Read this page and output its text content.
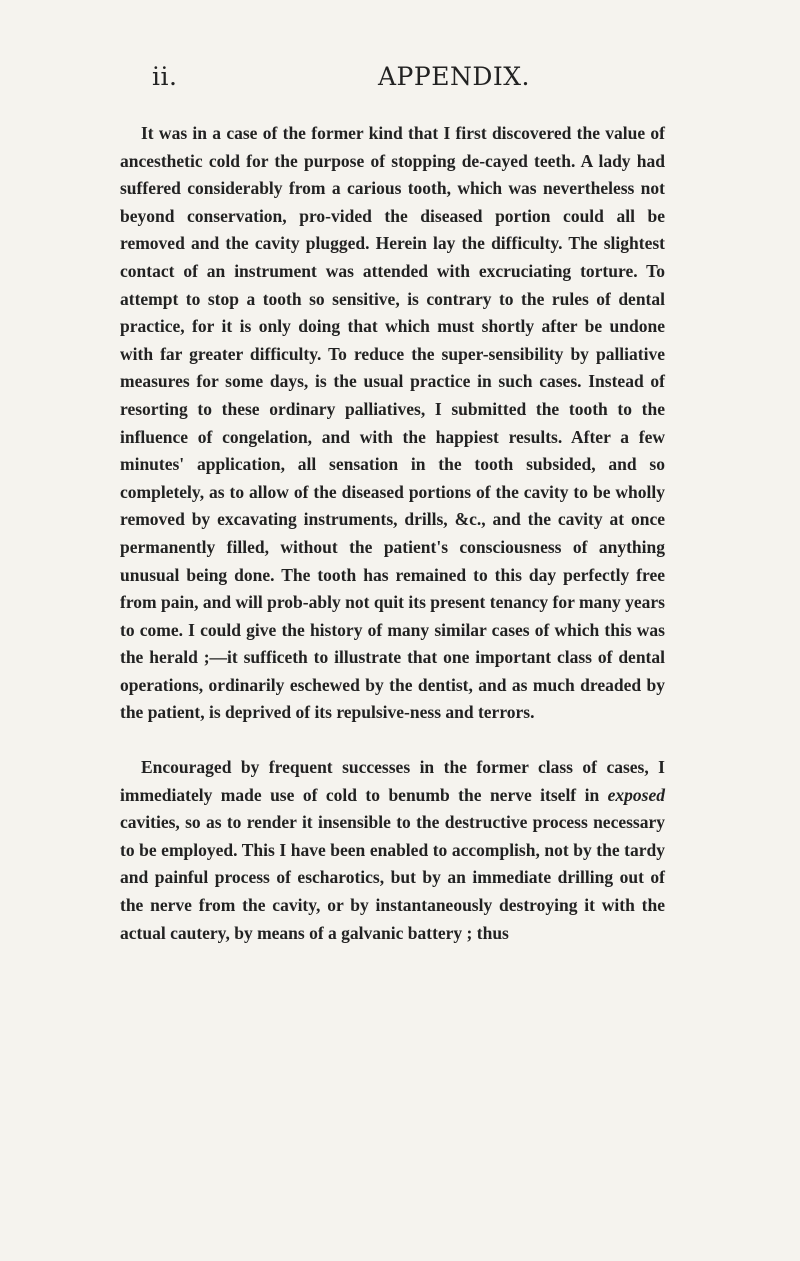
ii.	APPENDIX.

It was in a case of the former kind that I first discovered the value of ancesthetic cold for the purpose of stopping de-cayed teeth. A lady had suffered considerably from a carious tooth, which was nevertheless not beyond conservation, pro-vided the diseased portion could all be removed and the cavity plugged. Herein lay the difficulty. The slightest contact of an instrument was attended with excruciating torture. To attempt to stop a tooth so sensitive, is contrary to the rules of dental practice, for it is only doing that which must shortly after be undone with far greater difficulty. To reduce the super-sensibility by palliative measures for some days, is the usual practice in such cases. Instead of resorting to these ordinary palliatives, I submitted the tooth to the influence of congelation, and with the happiest results. After a few minutes' application, all sensation in the tooth subsided, and so completely, as to allow of the diseased portions of the cavity to be wholly removed by excavating instruments, drills, &c., and the cavity at once permanently filled, without the patient's consciousness of anything unusual being done. The tooth has remained to this day perfectly free from pain, and will prob-ably not quit its present tenancy for many years to come. I could give the history of many similar cases of which this was the herald ;—it sufficeth to illustrate that one important class of dental operations, ordinarily eschewed by the dentist, and as much dreaded by the patient, is deprived of its repulsive-ness and terrors.

Encouraged by frequent successes in the former class of cases, I immediately made use of cold to benumb the nerve itself in exposed cavities, so as to render it insensible to the destructive process necessary to be employed. This I have been enabled to accomplish, not by the tardy and painful process of escharotics, but by an immediate drilling out of the nerve from the cavity, or by instantaneously destroying it with the actual cautery, by means of a galvanic battery ; thus
